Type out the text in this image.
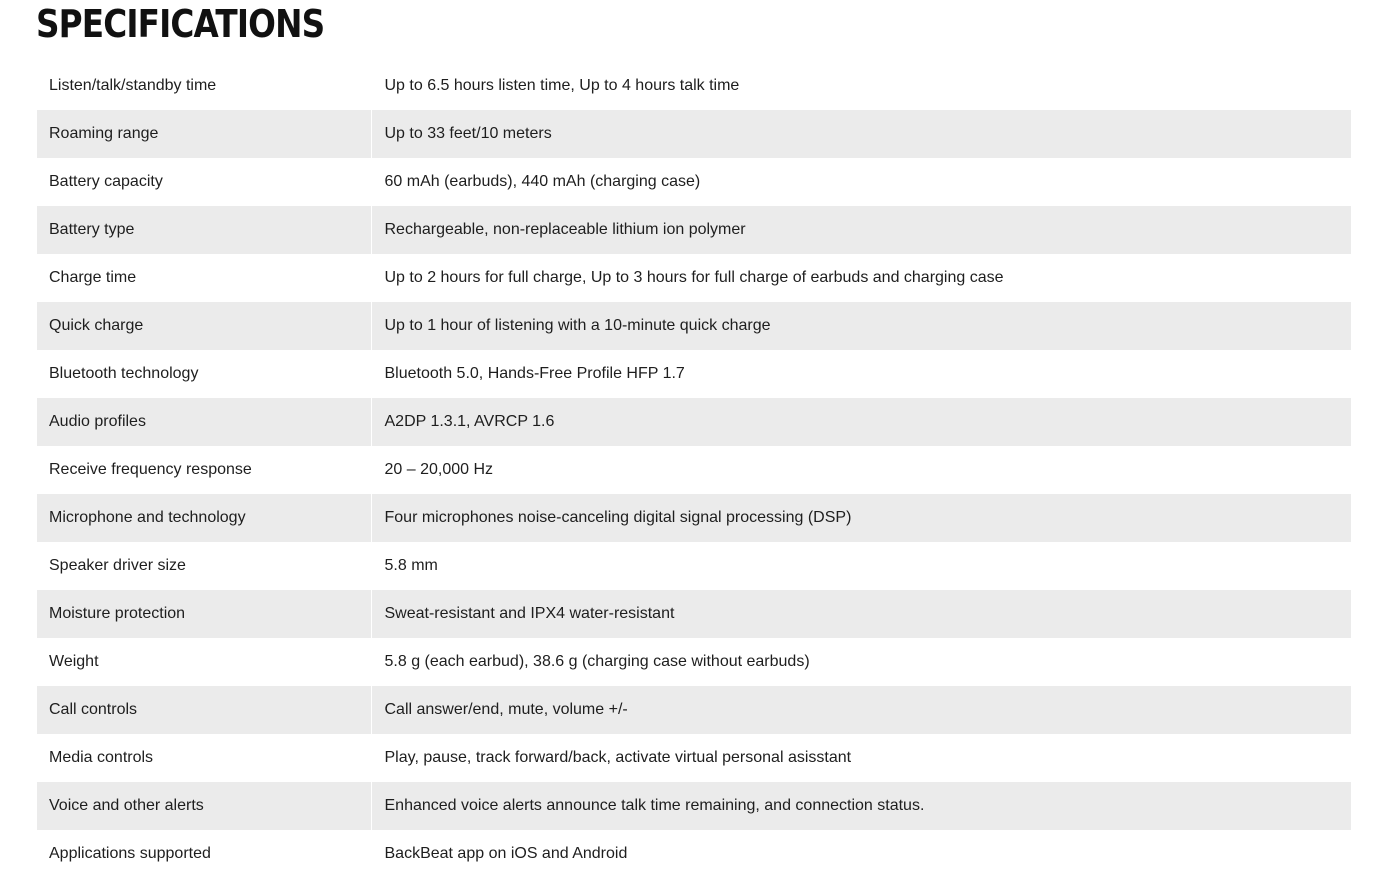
SPECIFICATIONS
Listen/talk/standby time	Up to 6.5 hours listen time, Up to 4 hours talk time
Roaming range	Up to 33 feet/10 meters
Battery capacity	60 mAh (earbuds), 440 mAh (charging case)
Battery type	Rechargeable, non-replaceable lithium ion polymer
Charge time	Up to 2 hours for full charge, Up to 3 hours for full charge of earbuds and charging case
Quick charge	Up to 1 hour of listening with a 10-minute quick charge
Bluetooth technology	Bluetooth 5.0, Hands-Free Profile HFP 1.7
Audio profiles	A2DP 1.3.1, AVRCP 1.6
Receive frequency response	20 – 20,000 Hz
Microphone and technology	Four microphones noise-canceling digital signal processing (DSP)
Speaker driver size	5.8 mm
Moisture protection	Sweat-resistant and IPX4 water-resistant
Weight	5.8 g (each earbud), 38.6 g (charging case without earbuds)
Call controls	Call answer/end, mute, volume +/-
Media controls	Play, pause, track forward/back, activate virtual personal asisstant
Voice and other alerts	Enhanced voice alerts announce talk time remaining, and connection status.
Applications supported	BackBeat app on iOS and Android
